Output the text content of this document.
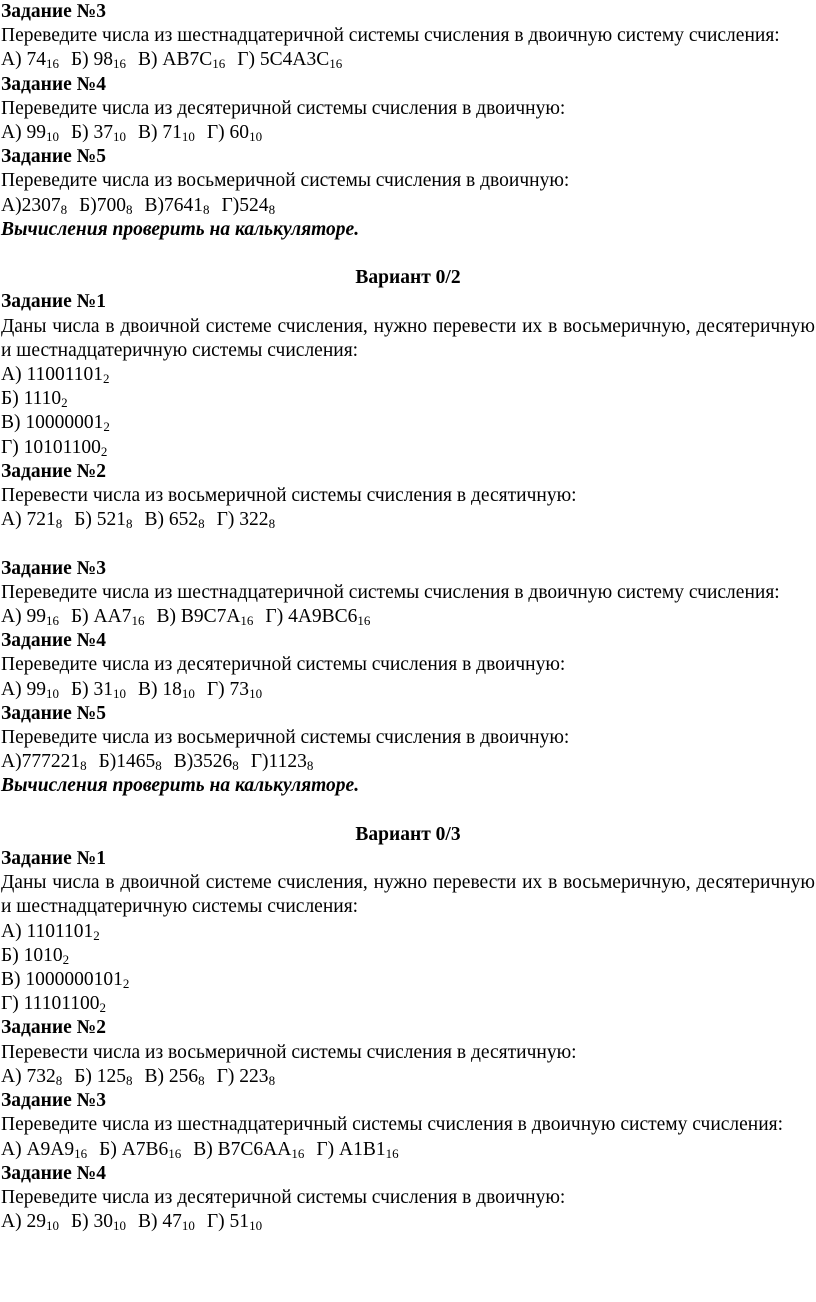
Задание №3
Переведите числа из шестнадцатеричной системы счисления в двоичную систему счисления:
А) $74_{16}$ Б) $98_{16}$ В) $АВ7С_{16}$ Г) $5С4А3С_{16}$
Задание №4
Переведите числа из десятеричной системы счисления в двоичную:
А) $99_{10}$ Б) $37_{10}$ В) $71_{10}$ Г) $60_{10}$
Задание №5
Переведите числа из восьмеричной системы счисления в двоичную:
$А)2307_8$ $Б)700_8$ $В)7641_8$ $Г)524_8$
Вычисления проверить на калькуляторе.
Вариант 0/2
Задание №1
Даны числа в двоичной системе счисления, нужно перевести их в восьмеричную, десятеричную и шестнадцатеричную системы счисления:
А) $11001101_2$
Б) $1110_2$
В) $10000001_2$
Г) $10101100_2$
Задание №2
Перевести числа из восьмеричной системы счисления в десятичную:
А) $721_8$ Б) $521_8$ В) $652_8$ Г) $322_8$
Задание №3
Переведите числа из шестнадцатеричной системы счисления в двоичную систему счисления:
А) $99_{16}$ Б) $АА7_{16}$ В) $В9С7А_{16}$ Г) $4А9ВС6_{16}$
Задание №4
Переведите числа из десятеричной системы счисления в двоичную:
А) $99_{10}$ Б) $31_{10}$ В) $18_{10}$ Г) $73_{10}$
Задание №5
Переведите числа из восьмеричной системы счисления в двоичную:
$А)777221_8$ $Б)1465_8$ $В)3526_8$ $Г)1123_8$
Вычисления проверить на калькуляторе.
Вариант 0/3
Задание №1
Даны числа в двоичной системе счисления, нужно перевести их в восьмеричную, десятеричную и шестнадцатеричную системы счисления:
А) $1101101_2$
Б) $1010_2$
В) $1000000101_2$
Г) $11101100_2$
Задание №2
Перевести числа из восьмеричной системы счисления в десятичную:
А) $732_8$ Б) $125_8$ В) $256_8$ Г) $223_8$
Задание №3
Переведите числа из шестнадцатеричный системы счисления в двоичную систему счисления:
А) $А9А9_{16}$ Б) $А7В6_{16}$ В) $В7С6АА_{16}$ Г) $А1В1_{16}$
Задание №4
Переведите числа из десятеричной системы счисления в двоичную:
А) $29_{10}$ Б) $30_{10}$ В) $47_{10}$ Г) $51_{10}$
